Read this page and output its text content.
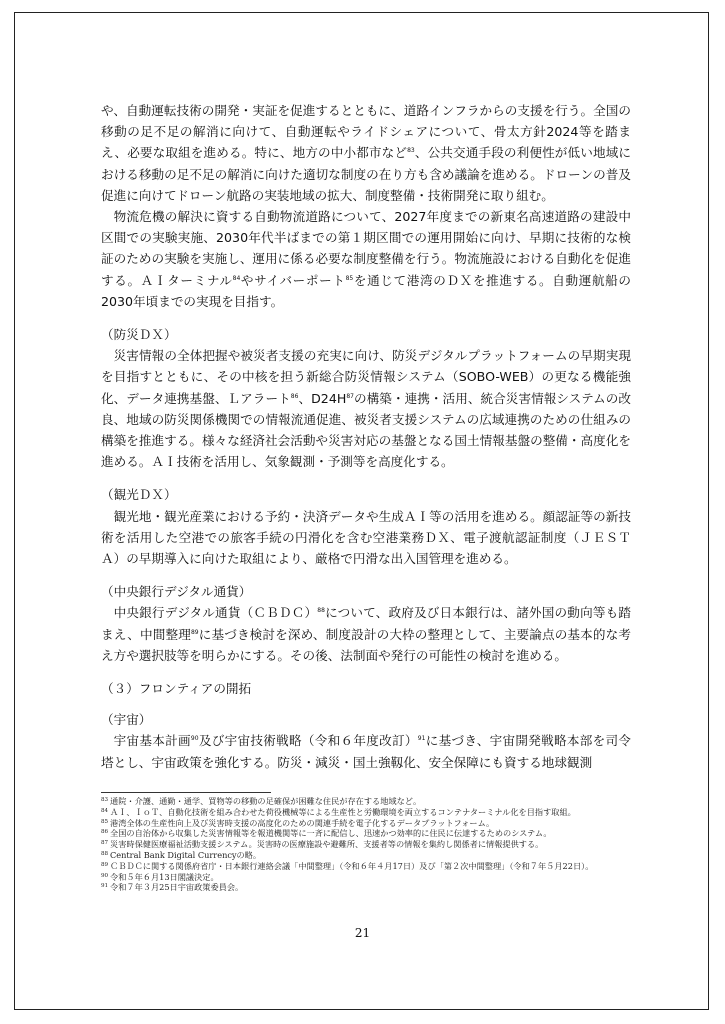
や、自動運転技術の開発・実証を促進するとともに、道路インフラからの支援を行う。全国の移動の足不足の解消に向けて、自動運転やライドシェアについて、骨太方針2024等を踏まえ、必要な取組を進める。特に、地方の中小都市など$^{83}$、公共交通手段の利便性が低い地域における移動の足不足の解消に向けた適切な制度の在り方も含め議論を進める。ドローンの普及促進に向けてドローン航路の実装地域の拡大、制度整備・技術開発に取り組む。

物流危機の解決に資する自動物流道路について、2027年度までの新東名高速道路の建設中区間での実験実施、2030年代半ばまでの第１期区間での運用開始に向け、早期に技術的な検証のための実験を実施し、運用に係る必要な制度整備を行う。物流施設における自動化を促進する。ＡＩターミナル$^{84}$やサイバーポート$^{85}$を通じて港湾のＤＸを推進する。自動運航船の2030年頃までの実現を目指す。

（防災ＤＸ）

災害情報の全体把握や被災者支援の充実に向け、防災デジタルプラットフォームの早期実現を目指すとともに、その中核を担う新総合防災情報システム（SOBO-WEB）の更なる機能強化、データ連携基盤、Ｌアラート$^{86}$、$D24H^{87}$の構築・連携・活用、統合災害情報システムの改良、地域の防災関係機関での情報流通促進、被災者支援システムの広域連携のための仕組みの構築を推進する。様々な経済社会活動や災害対応の基盤となる国土情報基盤の整備・高度化を進める。ＡＩ技術を活用し、気象観測・予測等を高度化する。

（観光ＤＸ）

観光地・観光産業における予約・決済データや生成ＡＩ等の活用を進める。顔認証等の新技術を活用した空港での旅客手続の円滑化を含む空港業務ＤＸ、電子渡航認証制度（ＪＥＳＴＡ）の早期導入に向けた取組により、厳格で円滑な出入国管理を進める。

（中央銀行デジタル通貨）

中央銀行デジタル通貨（ＣＢＤＣ）$^{88}$について、政府及び日本銀行は、諸外国の動向等も踏まえ、中間整理$^{89}$に基づき検討を深め、制度設計の大枠の整理として、主要論点の基本的な考え方や選択肢等を明らかにする。その後、法制面や発行の可能性の検討を進める。

（３）フロンティアの開拓

（宇宙）

宇宙基本計画$^{90}$及び宇宙技術戦略（令和６年度改訂）$^{91}$に基づき、宇宙開発戦略本部を司令塔とし、宇宙政策を強化する。防災・減災・国土強靱化、安全保障にも資する地球観測

83 通院・介護、通勤・通学、買物等の移動の足確保が困難な住民が存在する地域など。
84 ＡＩ、ＩｏＴ、自動化技術を組み合わせた荷役機械等による生産性と労働環境を両立するコンテナターミナル化を目指す取組。
85 港湾全体の生産性向上及び災害時支援の高度化のための関連手続を電子化するデータプラットフォーム。
86 全国の自治体から収集した災害情報等を報道機関等に一斉に配信し、迅速かつ効率的に住民に伝達するためのシステム。
87 災害時保健医療福祉活動支援システム。災害時の医療施設や避難所、支援者等の情報を集約し関係者に情報提供する。
88 Central Bank Digital Currencyの略。
89 ＣＢＤＣに関する関係府省庁・日本銀行連絡会議「中間整理」（令和６年４月17日）及び「第２次中間整理」（令和７年５月22日）。
90 令和５年６月13日閣議決定。
91 令和７年３月25日宇宙政策委員会。
21
